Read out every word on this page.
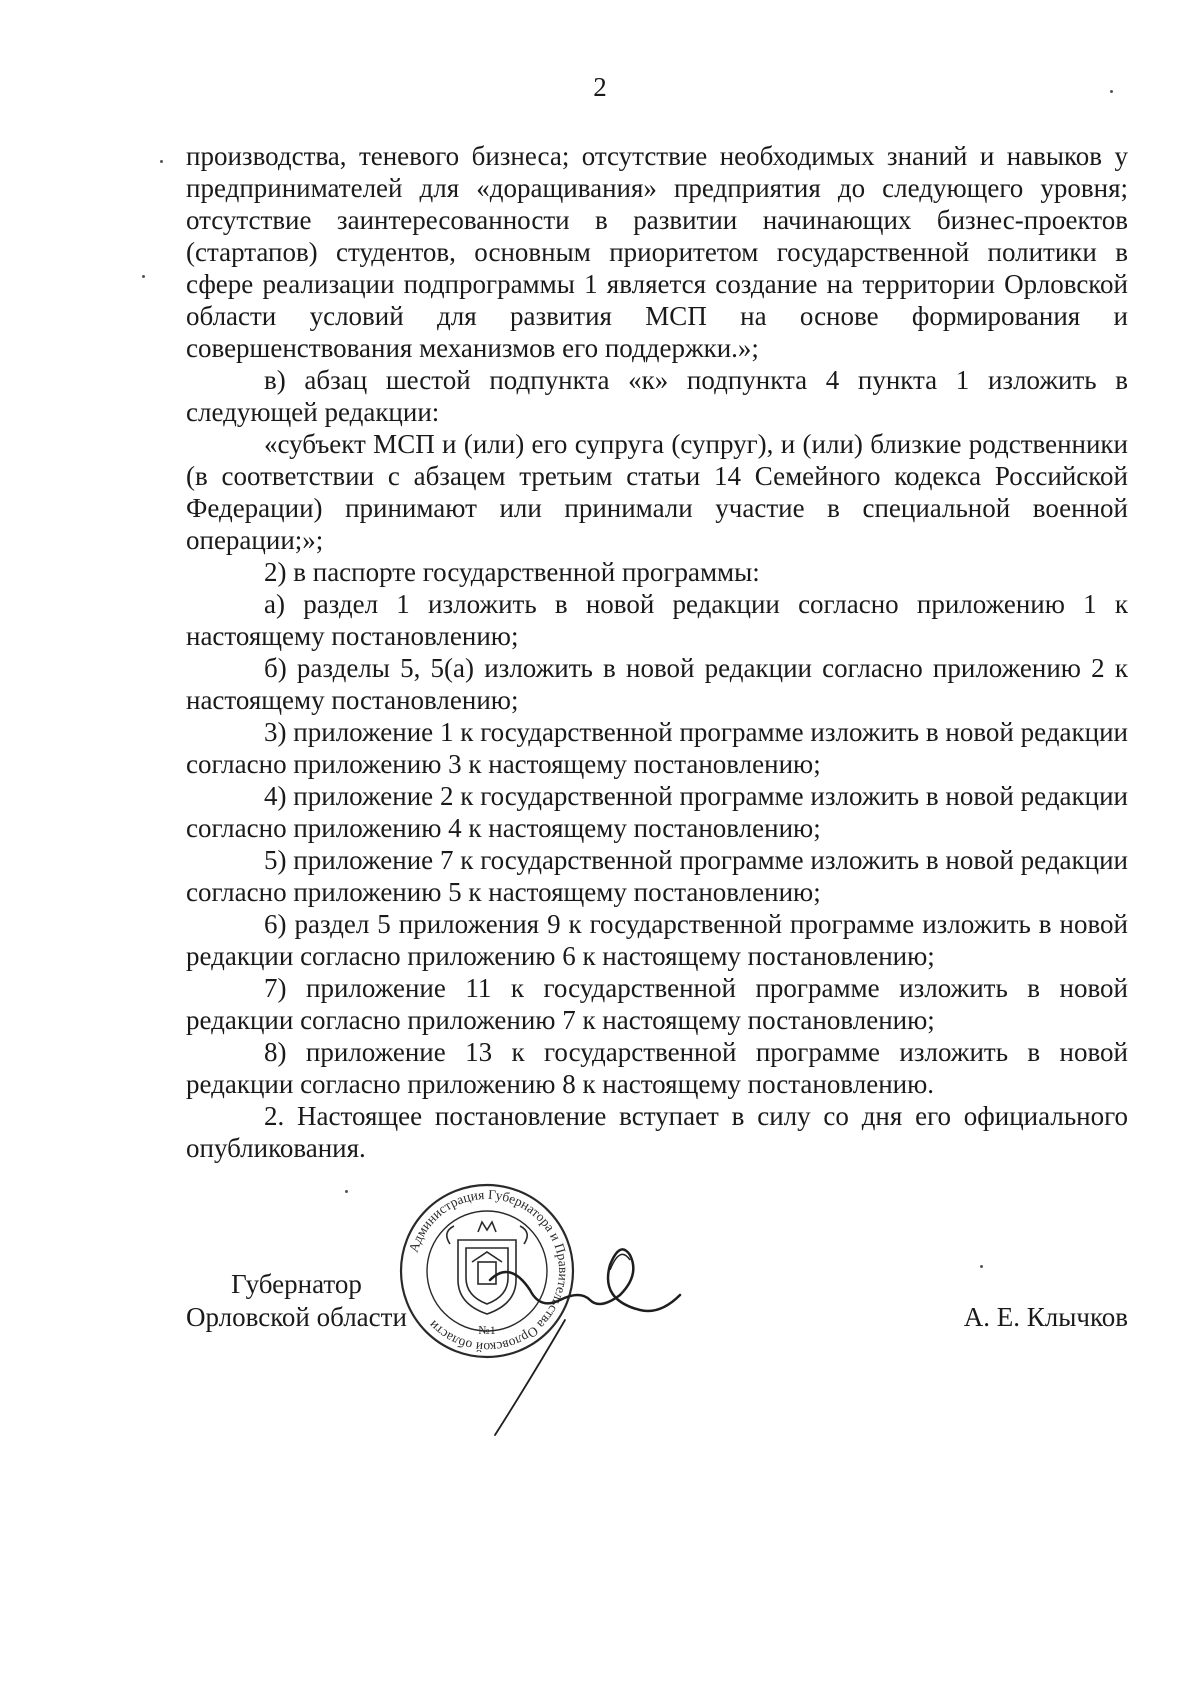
2

производства, теневого бизнеса; отсутствие необходимых знаний и навыков у предпринимателей для «доращивания» предприятия до следующего уровня; отсутствие заинтересованности в развитии начинающих бизнес-проектов (стартапов) студентов, основным приоритетом государственной политики в сфере реализации подпрограммы 1 является создание на территории Орловской области условий для развития МСП на основе формирования и совершенствования механизмов его поддержки.»;

в) абзац шестой подпункта «к» подпункта 4 пункта 1 изложить в следующей редакции:

«субъект МСП и (или) его супруга (супруг), и (или) близкие родственники (в соответствии с абзацем третьим статьи 14 Семейного кодекса Российской Федерации) принимают или принимали участие в специальной военной операции;»;

2) в паспорте государственной программы:

а) раздел 1 изложить в новой редакции согласно приложению 1 к настоящему постановлению;

б) разделы 5, 5(а) изложить в новой редакции согласно приложению 2 к настоящему постановлению;

3) приложение 1 к государственной программе изложить в новой редакции согласно приложению 3 к настоящему постановлению;

4) приложение 2 к государственной программе изложить в новой редакции согласно приложению 4 к настоящему постановлению;

5) приложение 7 к государственной программе изложить в новой редакции согласно приложению 5 к настоящему постановлению;

6) раздел 5 приложения 9 к государственной программе изложить в новой редакции согласно приложению 6 к настоящему постановлению;

7) приложение 11 к государственной программе изложить в новой редакции согласно приложению 7 к настоящему постановлению;

8) приложение 13 к государственной программе изложить в новой редакции согласно приложению 8 к настоящему постановлению.

2. Настоящее постановление вступает в силу со дня его официального опубликования.

Губернатор
Орловской области
Администрация Губернатора и Правительства Орловской области	№1	А. Е. Клычков
